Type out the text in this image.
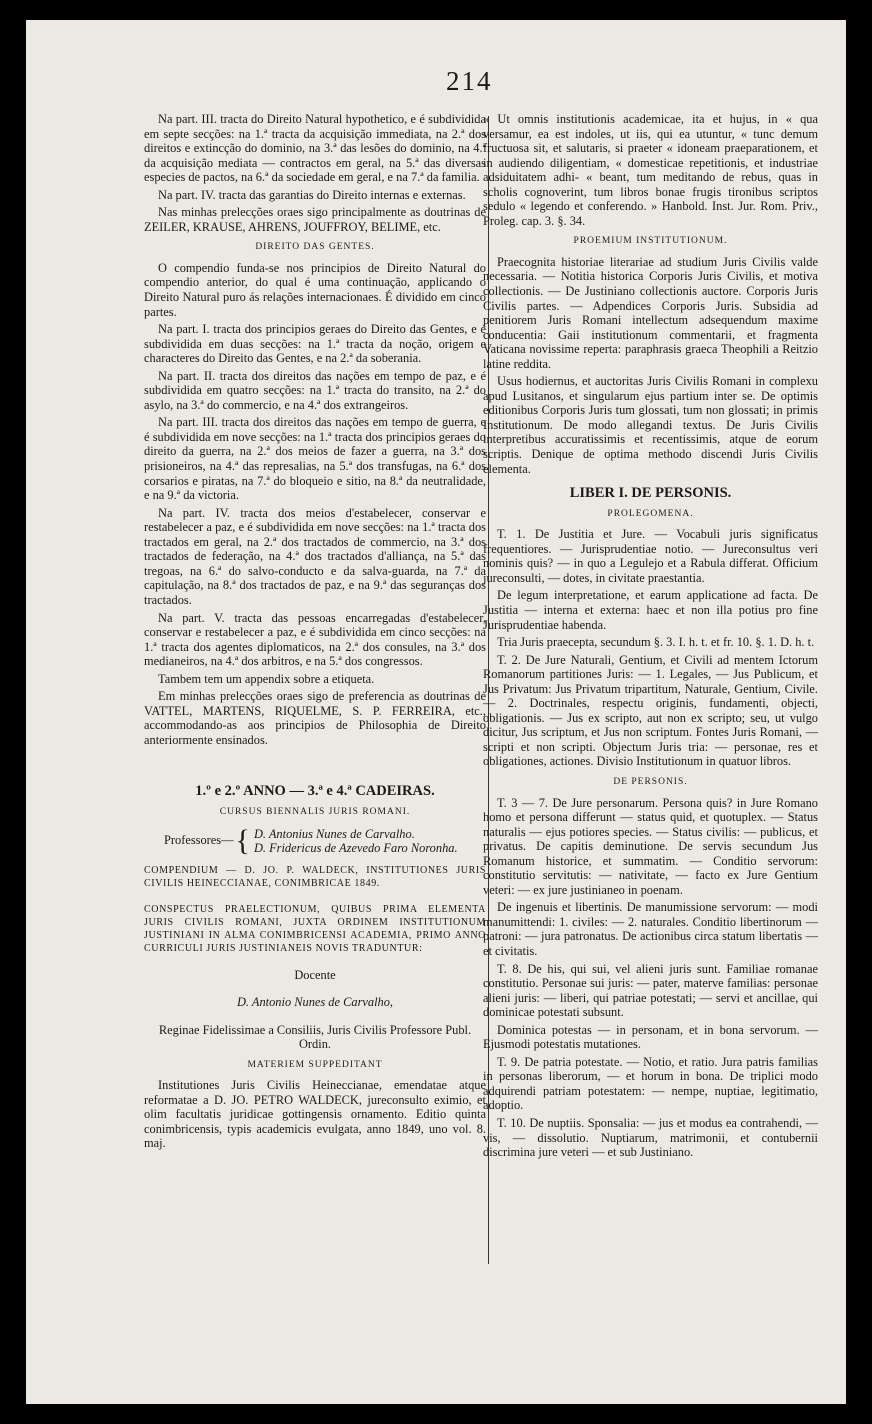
214

Na part. III. tracta do Direito Natural hypothetico, e é subdividida em septe secções: na 1.ª tracta da acquisição immediata, na 2.ª dos direitos e extincção do dominio, na 3.ª das lesões do dominio, na 4.ª da acquisição mediata — contractos em geral, na 5.ª das diversas especies de pactos, na 6.ª da sociedade em geral, e na 7.ª da familia.

Na part. IV. tracta das garantias do Direito internas e externas.

Nas minhas prelecções oraes sigo principalmente as doutrinas de ZEILER, KRAUSE, AHRENS, JOUFFROY, BELIME, etc.

DIREITO DAS GENTES.

O compendio funda-se nos principios de Direito Natural do compendio anterior, do qual é uma continuação, applicando o Direito Natural puro ás relações internacionaes. É dividido em cinco partes.

Na part. I. tracta dos principios geraes do Direito das Gentes, e é subdividida em duas secções: na 1.ª tracta da noção, origem e characteres do Direito das Gentes, e na 2.ª da soberania.

Na part. II. tracta dos direitos das nações em tempo de paz, e é subdividida em quatro secções: na 1.ª tracta do transito, na 2.ª do asylo, na 3.ª do commercio, e na 4.ª dos extrangeiros.

Na part. III. tracta dos direitos das nações em tempo de guerra, e é subdividida em nove secções: na 1.ª tracta dos principios geraes do direito da guerra, na 2.ª dos meios de fazer a guerra, na 3.ª dos prisioneiros, na 4.ª das represalias, na 5.ª dos transfugas, na 6.ª dos corsarios e piratas, na 7.ª do bloqueio e sitio, na 8.ª da neutralidade, e na 9.ª da victoria.

Na part. IV. tracta dos meios d'estabelecer, conservar e restabelecer a paz, e é subdividida em nove secções: na 1.ª tracta dos tractados em geral, na 2.ª dos tractados de commercio, na 3.ª dos tractados de federação, na 4.ª dos tractados d'alliança, na 5.ª das tregoas, na 6.ª do salvo-conducto e da salva-guarda, na 7.ª da capitulação, na 8.ª dos tractados de paz, e na 9.ª das seguranças dos tractados.

Na part. V. tracta das pessoas encarregadas d'estabelecer, conservar e restabelecer a paz, e é subdividida em cinco secções: na 1.ª tracta dos agentes diplomaticos, na 2.ª dos consules, na 3.ª dos medianeiros, na 4.ª dos arbitros, e na 5.ª dos congressos.

Tambem tem um appendix sobre a etiqueta.

Em minhas prelecções oraes sigo de preferencia as doutrinas de VATTEL, MARTENS, RIQUELME, S. P. FERREIRA, etc., accommodando-as aos principios de Philosophia de Direito anteriormente ensinados.

1.º e 2.º ANNO — 3.ª e 4.ª CADEIRAS.
CURSUS BIENNALIS JURIS ROMANI.
Professores— { D. Antonius Nunes de Carvalho.
D. Fridericus de Azevedo Faro Noronha.

COMPENDIUM — D. JO. P. WALDECK, INSTITUTIONES JURIS CIVILIS HEINECCIANAE, CONIMBRICAE 1849.

CONSPECTUS PRAELECTIONUM, QUIBUS PRIMA ELEMENTA JURIS CIVILIS ROMANI, JUXTA ORDINEM INSTITUTIONUM JUSTINIANI IN ALMA CONIMBRICENSI ACADEMIA, PRIMO ANNO CURRICULI JURIS JUSTINIANEIS NOVIS TRADUNTUR:

Docente

D. Antonio Nunes de Carvalho,

Reginae Fidelissimae a Consiliis, Juris Civilis Professore Publ. Ordin.

MATERIEM SUPPEDITANT

Institutiones Juris Civilis Heineccianae, emendatae atque reformatae a D. JO. PETRO WALDECK, jureconsulto eximio, et olim facultatis juridicae gottingensis ornamento. Editio quinta conimbricensis, typis academicis evulgata, anno 1849, uno vol. 8. maj.

« Ut omnis institutionis academicae, ita et hujus, in « qua versamur, ea est indoles, ut iis, qui ea utuntur, « tunc demum fructuosa sit, et salutaris, si praeter « idoneam praeparationem, et in audiendo diligentiam, « domesticae repetitionis, et industriae adsiduitatem adhi- « beant, tum meditando de rebus, quas in scholis cognoverint, tum libros bonae frugis tironibus scriptos sedulo « legendo et conferendo. » Hanbold. Inst. Jur. Rom. Priv., Proleg. cap. 3. §. 34.

PROEMIUM INSTITUTIONUM.

Praecognita historiae literariae ad studium Juris Civilis valde necessaria. — Notitia historica Corporis Juris Civilis, et motiva collectionis. — De Justiniano collectionis auctore. Corporis Juris Civilis partes. — Adpendices Corporis Juris. Subsidia ad penitiorem Juris Romani intellectum adsequendum maxime conducentia: Gaii institutionum commentarii, et fragmenta Vaticana novissime reperta: paraphrasis graeca Theophili a Reitzio latine reddita.

Usus hodiernus, et auctoritas Juris Civilis Romani in complexu apud Lusitanos, et singularum ejus partium inter se. De optimis editionibus Corporis Juris tum glossati, tum non glossati; in primis Institutionum. De modo allegandi textus. De Juris Civilis interpretibus accuratissimis et recentissimis, atque de eorum scriptis. Denique de optima methodo discendi Juris Civilis elementa.

LIBER I. DE PERSONIS.
PROLEGOMENA.

T. 1. De Justitia et Jure. — Vocabuli juris significatus frequentiores. — Jurisprudentiae notio. — Jureconsultus veri nominis quis? — in quo a Legulejo et a Rabula differat. Officium jureconsulti, — dotes, in civitate praestantia.

De legum interpretatione, et earum applicatione ad facta. De Justitia — interna et externa: haec et non illa potius pro fine Jurisprudentiae habenda.

Tria Juris praecepta, secundum §. 3. I. h. t. et fr. 10. §. 1. D. h. t.

T. 2. De Jure Naturali, Gentium, et Civili ad mentem Ictorum Romanorum partitiones Juris: — 1. Legales, — Jus Publicum, et Jus Privatum: Jus Privatum tripartitum, Naturale, Gentium, Civile. — 2. Doctrinales, respectu originis, fundamenti, objecti, obligationis. — Jus ex scripto, aut non ex scripto; seu, ut vulgo dicitur, Jus scriptum, et Jus non scriptum. Fontes Juris Romani, — scripti et non scripti. Objectum Juris tria: — personae, res et obligationes, actiones. Divisio Institutionum in quatuor libros.

DE PERSONIS.

T. 3 — 7. De Jure personarum. Persona quis? in Jure Romano homo et persona differunt — status quid, et quotuplex. — Status naturalis — ejus potiores species. — Status civilis: — publicus, et privatus. De capitis deminutione. De servis secundum Jus Romanum historice, et summatim. — Conditio servorum: constitutio servitutis: — nativitate, — facto ex Jure Gentium veteri: — ex jure justinianeo in poenam.

De ingenuis et libertinis. De manumissione servorum: — modi manumittendi: 1. civiles: — 2. naturales. Conditio libertinorum — patroni: — jura patronatus. De actionibus circa statum libertatis — et civitatis.

T. 8. De his, qui sui, vel alieni juris sunt. Familiae romanae constitutio. Personae sui juris: — pater, materve familias: personae alieni juris: — liberi, qui patriae potestati; — servi et ancillae, qui dominicae potestati subsunt.

Dominica potestas — in personam, et in bona servorum. — Ejusmodi potestatis mutationes.

T. 9. De patria potestate. — Notio, et ratio. Jura patris familias in personas liberorum, — et horum in bona. De triplici modo adquirendi patriam potestatem: — nempe, nuptiae, legitimatio, adoptio.

T. 10. De nuptiis. Sponsalia: — jus et modus ea contrahendi, — vis, — dissolutio. Nuptiarum, matrimonii, et contubernii discrimina jure veteri — et sub Justiniano.
